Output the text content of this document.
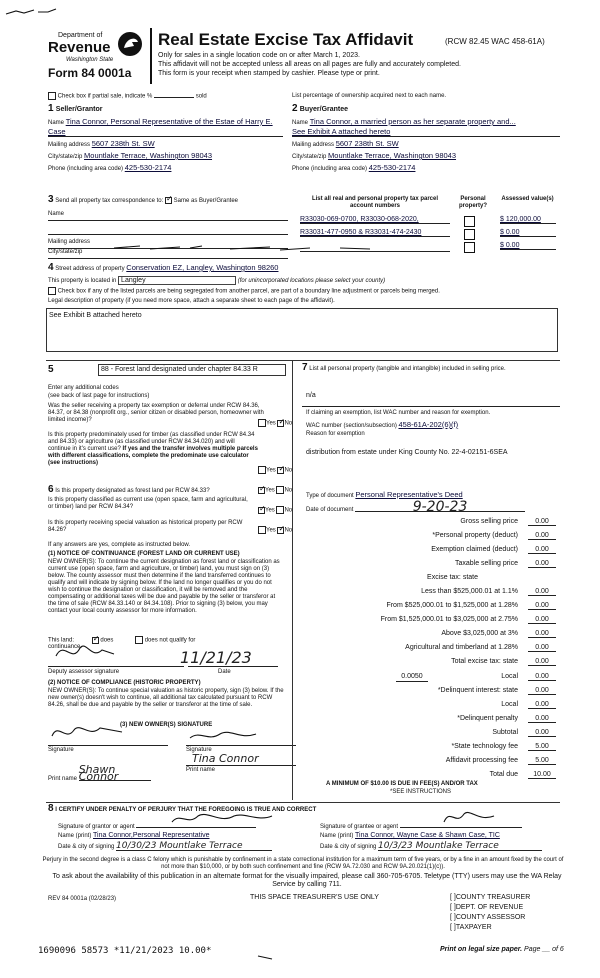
Department of
Revenue
Washington State
Form 84 0001a
Real Estate Excise Tax Affidavit	(RCW 82.45 WAC 458-61A)
Only for sales in a single location code on or after March 1, 2023.
This affidavit will not be accepted unless all areas on all pages are fully and accurately completed.
This form is your receipt when stamped by cashier. Please type or print.
Check box if partial sale, indicate %	sold	List percentage of ownership acquired next to each name.
1 Seller/Grantor
Name Tina Connor, Personal Representative of the Estae of Harry E.
Case
Mailing address 5607 238th St. SW
City/state/zip Mountlake Terrace, Washington 98043
Phone (including area code) 425-530-2174
2 Buyer/Grantee
Name Tina Connor, a married person as her separate property and...
See Exhibit A attached hereto
Mailing address 5607 238th St. SW
City/state/zip Mountlake Terrace, Washington 98043
Phone (including area code) 425-530-2174
3 Send all property tax correspondence to: ✓ Same as Buyer/Grantee
Name
Mailing address
City/state/zip
List all real and personal property tax parcel account numbers
Personal property?
Assessed value(s)
R33030-069-0700, R33030-068-2020,	$ 120,000.00
R33031-477-0950 & R33031-474-2430	$ 0.00
$ 0.00
4 Street address of property Conservation EZ, Langley, Washington 98260
This property is located in Langley	(for unincorporated locations please select your county)
Check box if any of the listed parcels are being segregated from another parcel, are part of a boundary line adjustment or parcels being merged.
Legal description of property (if you need more space, attach a separate sheet to each page of the affidavit).
See Exhibit B attached hereto
5	88 - Forest land designated under chapter 84.33 R
Enter any additional codes
(see back of last page for instructions)
Was the seller receiving a property tax exemption or deferral under RCW 84.36, 84.37, or 84.38 (nonprofit org., senior citizen or disabled person, homeowner with limited income)?
Yes ✓ No
Is this property predominately used for timber (as classified under RCW 84.34 and 84.33) or agriculture (as classified under RCW 84.34.020) and will continue in it's current use? If yes and the transfer involves multiple parcels with different classifications, complete the predominate use calculator (see instructions)
Yes ✓ No
6 Is this property designated as forest land per RCW 84.33? ✓	Yes No
Is this property classified as current use (open space, farm and agricultural, or timber) land per RCW 84.34?
✓Yes No
Is this property receiving special valuation as historical property per RCW 84.26?	Yes ✓ No
If any answers are yes, complete as instructed below.
(1) NOTICE OF CONTINUANCE (FOREST LAND OR CURRENT USE)
NEW OWNER(S): To continue the current designation as forest land or classification as current use (open space, farm and agriculture, or timber) land, you must sign on (3) below. The county assessor must then determine if the land transferred continues to qualify and will indicate by signing below. If the land no longer qualifies or you do not wish to continue the designation or classification, it will be removed and the compensating or additional taxes will be due and payable by the seller or transferor at the time of sale (RCW 84.33.140 or 84.34.108). Prior to signing (3) below, you may contact your local county assessor for more information.
This land: ✓	does	does not qualify for
continuance.
11/21/23
Deputy assessor signature	Date
(2) NOTICE OF COMPLIANCE (HISTORIC PROPERTY)
NEW OWNER(S): To continue special valuation as historic property, sign (3) below. If the new owner(s) doesn't wish to continue, all additional tax calculated pursuant to RCW 84.26, shall be due and payable by the seller or transferor at the time of sale.
(3) NEW OWNER(S) SIGNATURE
Signature	Signature
Tina Connor
Print name Shawn Connor	Print name
7 List all personal property (tangible and intangible) included in selling price.
n/a
If claiming an exemption, list WAC number and reason for exemption.
WAC number (section/subsection) 458-61A-202(6)(f)
Reason for exemption
distribution from estate under King County No. 22-4-02151-6SEA
Type of document Personal Representative's Deed
Date of document	9-20-23
Gross selling price	0.00
*Personal property (deduct)	0.00
Exemption claimed (deduct)	0.00
Taxable selling price	0.00
Excise tax: state
Less than $525,000.01 at 1.1%	0.00
From $525,000.01 to $1,525,000 at 1.28%	0.00
From $1,525,000.01 to $3,025,000 at 2.75%	0.00
Above $3,025,000 at 3%	0.00
Agricultural and timberland at 1.28%	0.00
Total excise tax: state	0.00
0.0050	Local	0.00
*Delinquent interest: state	0.00
Local	0.00
*Delinquent penalty	0.00
Subtotal	0.00
*State technology fee	5.00
Affidavit processing fee	5.00
Total due	10.00
A MINIMUM OF $10.00 IS DUE IN FEE(S) AND/OR TAX
*SEE INSTRUCTIONS
8 I CERTIFY UNDER PENALTY OF PERJURY THAT THE FOREGOING IS TRUE AND CORRECT
Signature of grantor or agent	Signature of grantee or agent
Name (print) Tina Connor,Personal Representative	Name (print) Tina Connor, Wayne Case & Shawn Case, TIC
Date & city of signing 10/30/23 Mountlake Terrace	Date & city of signing 10/3/23 Mountlake Terrace
Perjury in the second degree is a class C felony which is punishable by confinement in a state correctional institution for a maximum term of five years, or by a fine in an amount fixed by the court of not more than $10,000, or by both such confinement and fine (RCW 9A.72.030 and RCW 9A.20.021(1)(c)).
To ask about the availability of this publication in an alternate format for the visually impaired, please call 360-705-6705. Teletype (TTY) users may use the WA Relay Service by calling 711.
REV 84 0001a (02/28/23)	THIS SPACE TREASURER'S USE ONLY	[ ]COUNTY TREASURER
[ ]DEPT. OF REVENUE
[ ]COUNTY ASSESSOR
[ ]TAXPAYER
Print on legal size paper. Page __ of 6
1690096 58573 *11/21/2023 10.00*
